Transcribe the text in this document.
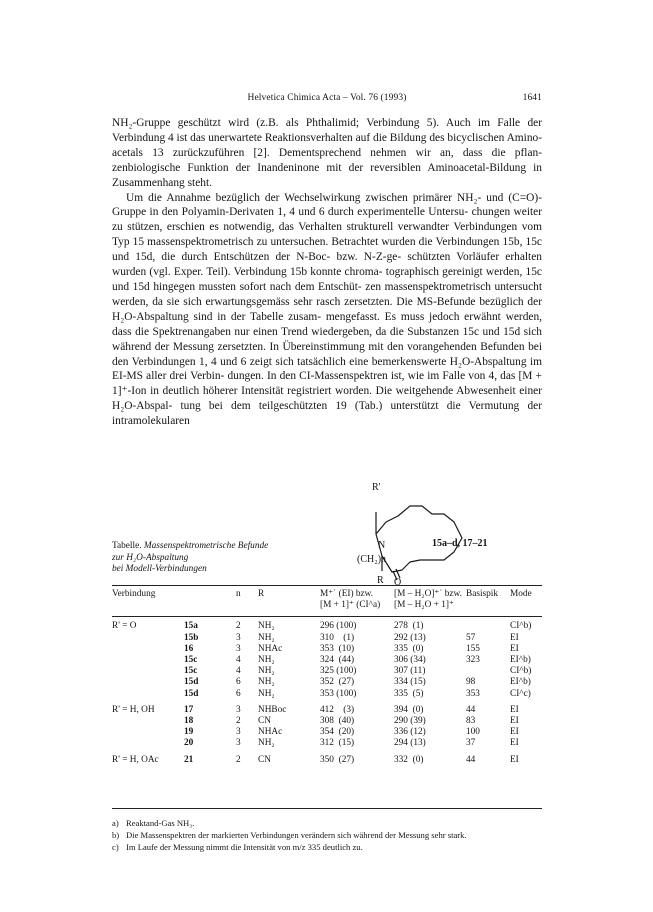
Helvetica Chimica Acta – Vol. 76 (1993)	1641

NH₂-Gruppe geschützt wird (z.B. als Phthalimid; Verbindung 5). Auch im Falle der Verbindung 4 ist das unerwartete Reaktionsverhalten auf die Bildung des bicyclischen Amino-acetals 13 zurückzuführen [2]. Dementsprechend nehmen wir an, dass die pflan- zenbiologische Funktion der Inandeninone mit der reversiblen Aminoacetal-Bildung in Zusammenhang steht.

Um die Annahme bezüglich der Wechselwirkung zwischen primärer NH₂- und (C=O)-Gruppe in den Polyamin-Derivaten 1, 4 und 6 durch experimentelle Untersu- chungen weiter zu stützen, erschien es notwendig, das Verhalten strukturell verwandter Verbindungen vom Typ 15 massenspektrometrisch zu untersuchen. Betrachtet wurden die Verbindungen 15b, 15c und 15d, die durch Entschützen der N-Boc- bzw. N-Z-ge- schützten Vorläufer erhalten wurden (vgl. Exper. Teil). Verbindung 15b konnte chroma- tographisch gereinigt werden, 15c und 15d hingegen mussten sofort nach dem Entschüt- zen massenspektrometrisch untersucht werden, da sie sich erwartungsgemäss sehr rasch zersetzten. Die MS-Befunde bezüglich der H₂O-Abspaltung sind in der Tabelle zusam- mengefasst. Es muss jedoch erwähnt werden, dass die Spektrenangaben nur einen Trend wiedergeben, da die Substanzen 15c und 15d sich während der Messung zersetzten. In Übereinstimmung mit den vorangehenden Befunden bei den Verbindungen 1, 4 und 6 zeigt sich tatsächlich eine bemerkenswerte H₂O-Abspaltung im EI-MS aller drei Verbin- dungen. In den CI-Massenspektren ist, wie im Falle von 4, das [M + 1]⁺-Ion in deutlich höherer Intensität registriert worden. Die weitgehende Abwesenheit einer H₂O-Abspal- tung bei dem teilgeschützten 19 (Tab.) unterstützt die Vermutung der intramolekularen

R'
N
(CH₂)n
O
R
15a–d, 17–21
Tabelle. Massenspektrometrische Befunde
zur H₂O-Abspaltung
bei Modell-Verbindungen
Verbindung		n	R	M⁺˙ (EI) bzw.	[M – H₂O]⁺˙ bzw.	Basispik	Mode
				[M + 1]⁺ (CI^a)	[M – H₂O + 1]⁺		
R' = O	15a	2	NH₂	296 (100)	278  (1)		CI^b)
	15b	3	NH₂	310    (1)	292 (13)	57	EI
	16	3	NHAc	353  (10)	335  (0)	155	EI
	15c	4	NH₂	324  (44)	306 (34)	323	EI^b)
	15c	4	NH₂	325 (100)	307 (11)		CI^b)
	15d	6	NH₂	352  (27)	334 (15)	98	EI^b)
	15d	6	NH₂	353 (100)	335  (5)	353	CI^c)
R' = H, OH	17	3	NHBoc	412    (3)	394  (0)	44	EI
	18	2	CN	308  (40)	290 (39)	83	EI
	19	3	NHAc	354  (20)	336 (12)	100	EI
	20	3	NH₂	312  (15)	294 (13)	37	EI
R' = H, OAc	21	2	CN	350  (27)	332  (0)	44	EI
a) Reaktand-Gas NH₃.
b) Die Massenspektren der markierten Verbindungen verändern sich während der Messung sehr stark.
c) Im Laufe der Messung nimmt die Intensität von m/z 335 deutlich zu.
